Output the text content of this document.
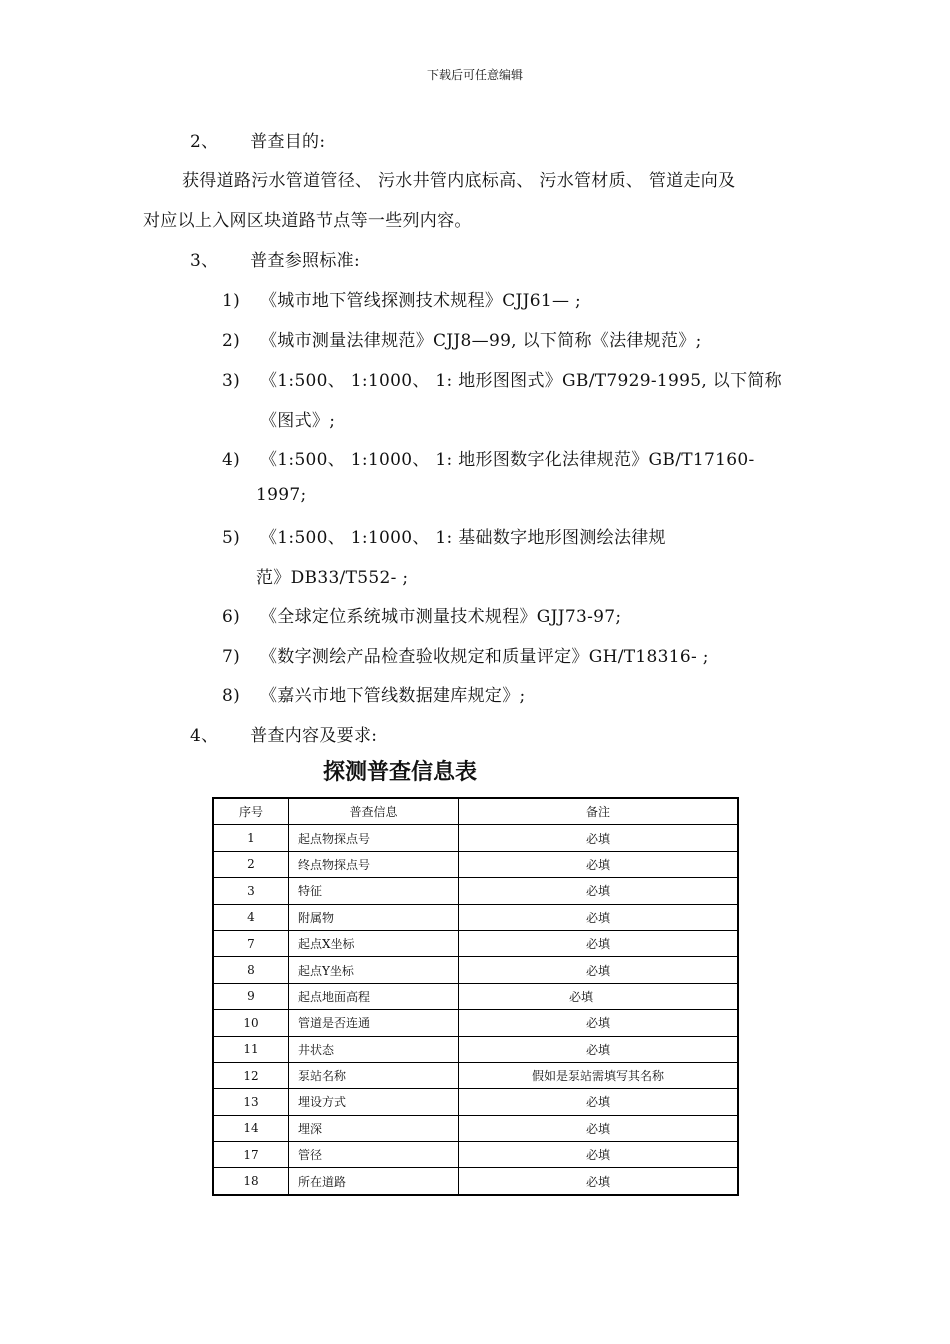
下载后可任意编辑
2、 普查目的:
获得道路污水管道管径、 污水井管内底标高、 污水管材质、 管道走向及
对应以上入网区块道路节点等一些列内容。
3、 普查参照标准:
1) 《城市地下管线探测技术规程》CJJ61— ;
2) 《城市测量法律规范》CJJ8—99, 以下简称《法律规范》;
3) 《1:500、 1:1000、 1: 地形图图式》GB/T7929-1995, 以下简称
《图式》;
4) 《1:500、 1:1000、 1: 地形图数字化法律规范》GB/T17160-
1997;
5) 《1:500、 1:1000、 1: 基础数字地形图测绘法律规
范》DB33/T552- ;
6) 《全球定位系统城市测量技术规程》GJJ73-97;
7) 《数字测绘产品检查验收规定和质量评定》GH/T18316- ;
8) 《嘉兴市地下管线数据建库规定》;
4、 普查内容及要求:
探测普查信息表
序号	普查信息	备注
1	起点物探点号	必填
2	终点物探点号	必填
3	特征	必填
4	附属物	必填
7	起点X坐标	必填
8	起点Y坐标	必填
9	起点地面高程	必填
10	管道是否连通	必填
11	井状态	必填
12	泵站名称	假如是泵站需填写其名称
13	埋设方式	必填
14	埋深	必填
17	管径	必填
18	所在道路	必填
